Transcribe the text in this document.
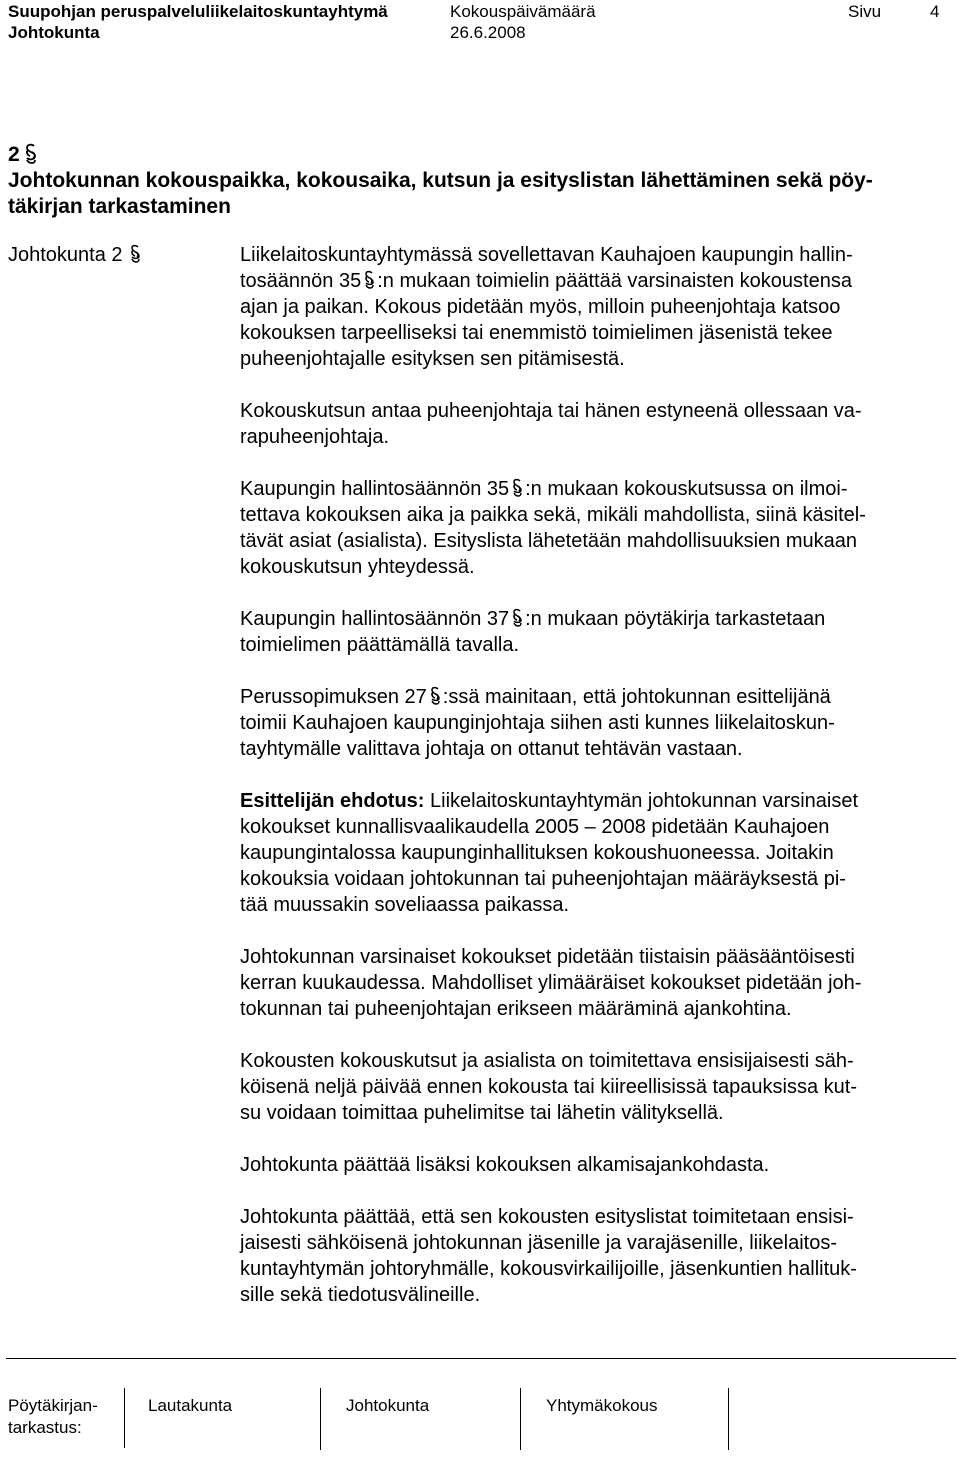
Suupohjan peruspalveluliikelaitoskuntayhtymä
Johtokunta
Kokouspäivämäärä
26.6.2008
Sivu	4
2
Johtokunnan kokouspaikka, kokousaika, kutsun ja esityslistan lähettäminen sekä pöy-
täkirjan tarkastaminen
Johtokunta 2	Liikelaitoskuntayhtymässä sovellettavan Kauhajoen kaupungin hallin-
tosäännön 35 :n mukaan toimielin päättää varsinaisten kokoustensa
ajan ja paikan. Kokous pidetään myös, milloin puheenjohtaja katsoo
kokouksen tarpeelliseksi tai enemmistö toimielimen jäsenistä tekee
puheenjohtajalle esityksen sen pitämisestä.

Kokouskutsun antaa puheenjohtaja tai hänen estyneenä ollessaan va-
rapuheenjohtaja.

Kaupungin hallintosäännön 35 :n mukaan kokouskutsussa on ilmoi-
tettava kokouksen aika ja paikka sekä, mikäli mahdollista, siinä käsitel-
tävät asiat (asialista). Esityslista lähetetään mahdollisuuksien mukaan
kokouskutsun yhteydessä.

Kaupungin hallintosäännön 37 :n mukaan pöytäkirja tarkastetaan
toimielimen päättämällä tavalla.

Perussopimuksen 27 :ssä mainitaan, että johtokunnan esittelijänä
toimii Kauhajoen kaupunginjohtaja siihen asti kunnes liikelaitoskun-
tayhtymälle valittava johtaja on ottanut tehtävän vastaan.

Esittelijän ehdotus: Liikelaitoskuntayhtymän johtokunnan varsinaiset
kokoukset kunnallisvaalikaudella 2005 – 2008 pidetään Kauhajoen
kaupungintalossa kaupunginhallituksen kokoushuoneessa. Joitakin
kokouksia voidaan johtokunnan tai puheenjohtajan määräyksestä pi-
tää muussakin soveliaassa paikassa.

Johtokunnan varsinaiset kokoukset pidetään tiistaisin pääsääntöisesti
kerran kuukaudessa. Mahdolliset ylimääräiset kokoukset pidetään joh-
tokunnan tai puheenjohtajan erikseen määräminä ajankohtina.

Kokousten kokouskutsut ja asialista on toimitettava ensisijaisesti säh-
köisenä neljä päivää ennen kokousta tai kiireellisissä tapauksissa kut-
su voidaan toimittaa puhelimitse tai lähetin välityksellä.

Johtokunta päättää lisäksi kokouksen alkamisajankohdasta.

Johtokunta päättää, että sen kokousten esityslistat toimitetaan ensisi-
jaisesti sähköisenä johtokunnan jäsenille ja varajäsenille, liikelaitos-
kuntayhtymän johtoryhmälle, kokousvirkailijoille, jäsenkuntien hallituk-
sille sekä tiedotusvälineille.

Pöytäkirjan-
tarkastus:
Lautakunta	Johtokunta	Yhtymäkokous
